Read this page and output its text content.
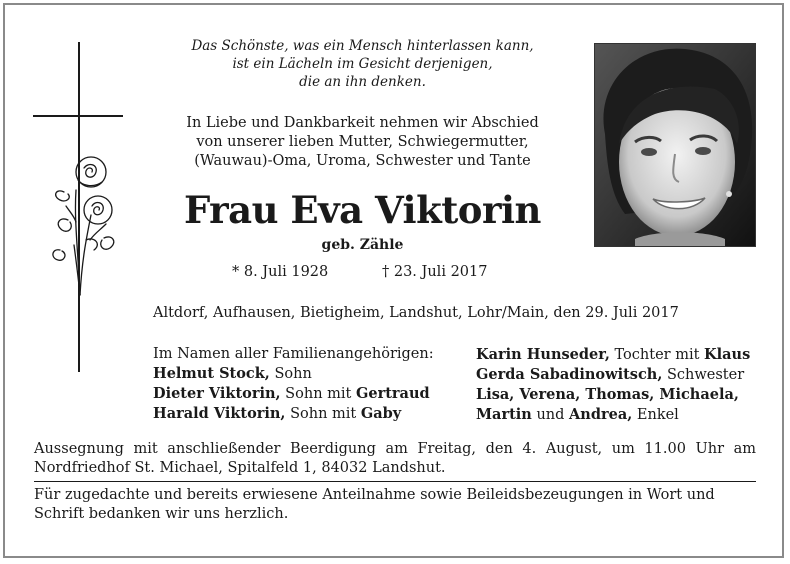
Das Schönste, was ein Mensch hinterlassen kann,
ist ein Lächeln im Gesicht derjenigen,
die an ihn denken.
In Liebe und Dankbarkeit nehmen wir Abschied
von unserer lieben Mutter, Schwiegermutter,
(Wauwau)-Oma, Uroma, Schwester und Tante
Frau Eva Viktorin
geb. Zähle
* 8. Juli 1928	† 23. Juli 2017
Altdorf, Aufhausen, Bietigheim, Landshut, Lohr/Main, den 29. Juli 2017
Im Namen aller Familienangehörigen:
Helmut Stock, Sohn
Dieter Viktorin, Sohn mit Gertraud
Harald Viktorin, Sohn mit Gaby
Karin Hunseder, Tochter mit Klaus
Gerda Sabadinowitsch, Schwester
Lisa, Verena, Thomas, Michaela,
Martin und Andrea, Enkel
Aussegnung mit anschließender Beerdigung am Freitag, den 4. August, um 11.00 Uhr am Nordfriedhof St. Michael, Spitalfeld 1, 84032 Landshut.
Für zugedachte und bereits erwiesene Anteilnahme sowie Beileidsbezeugungen in Wort und Schrift bedanken wir uns herzlich.
